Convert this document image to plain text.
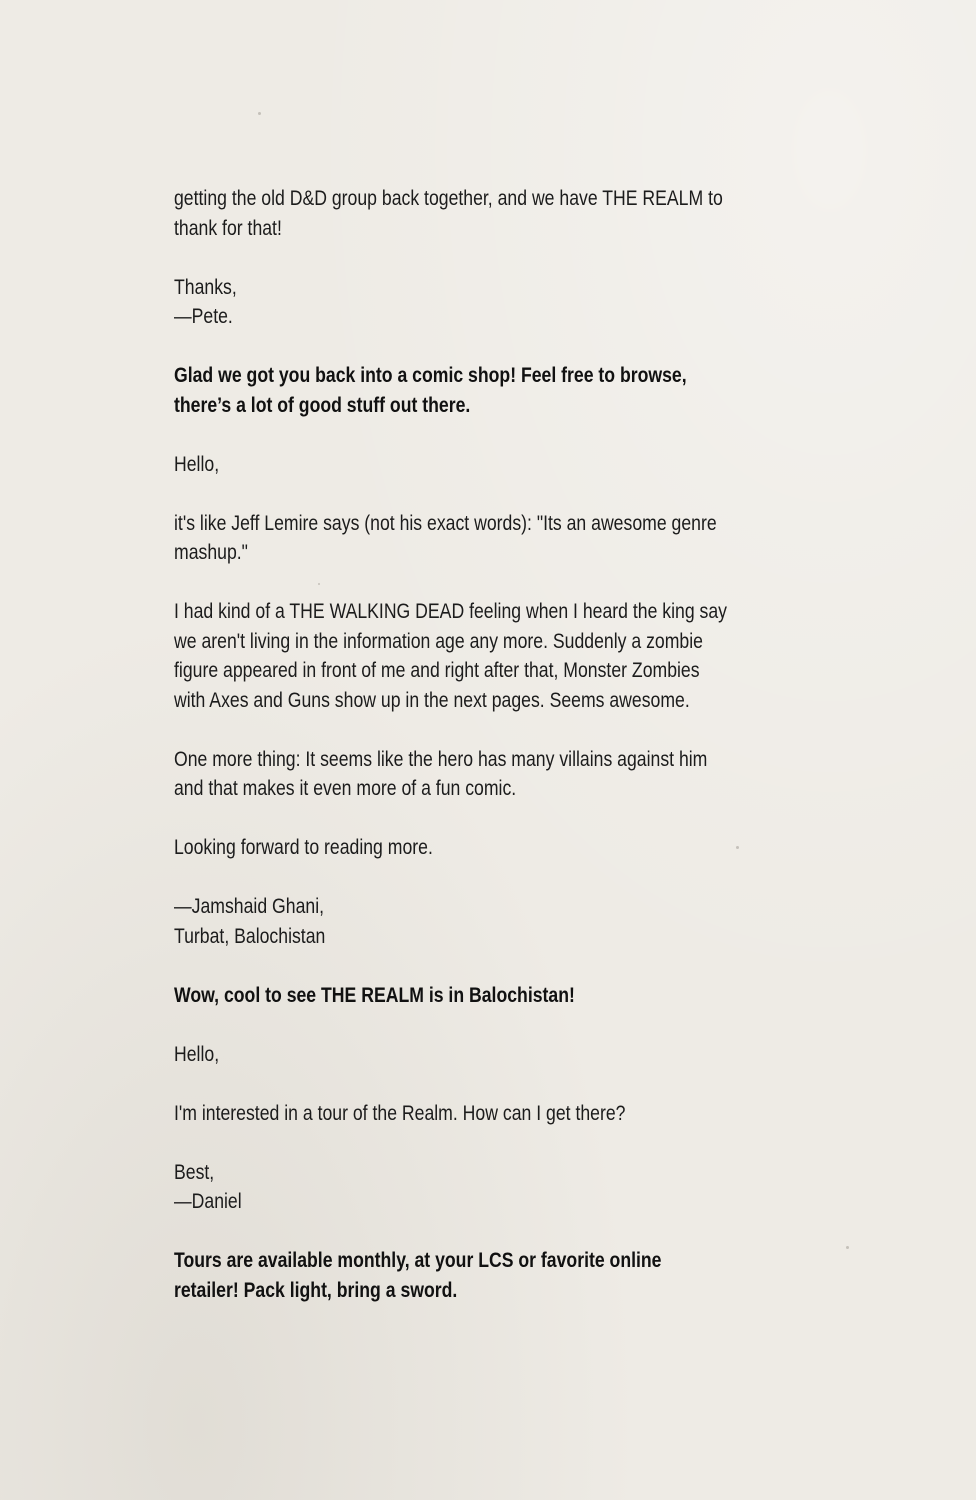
getting the old D&D group back together, and we have THE REALM to
thank for that!

Thanks,
—Pete.

Glad we got you back into a comic shop! Feel free to browse,
there’s a lot of good stuff out there.

Hello,

it's like Jeff Lemire says (not his exact words): "Its an awesome genre
mashup."

I had kind of a THE WALKING DEAD feeling when I heard the king say
we aren't living in the information age any more. Suddenly a zombie
figure appeared in front of me and right after that, Monster Zombies
with Axes and Guns show up in the next pages. Seems awesome.

One more thing: It seems like the hero has many villains against him
and that makes it even more of a fun comic.

Looking forward to reading more.

—Jamshaid Ghani,
Turbat, Balochistan

Wow, cool to see THE REALM is in Balochistan!

Hello,

I'm interested in a tour of the Realm. How can I get there?

Best,
—Daniel

Tours are available monthly, at your LCS or favorite online
retailer! Pack light, bring a sword.
